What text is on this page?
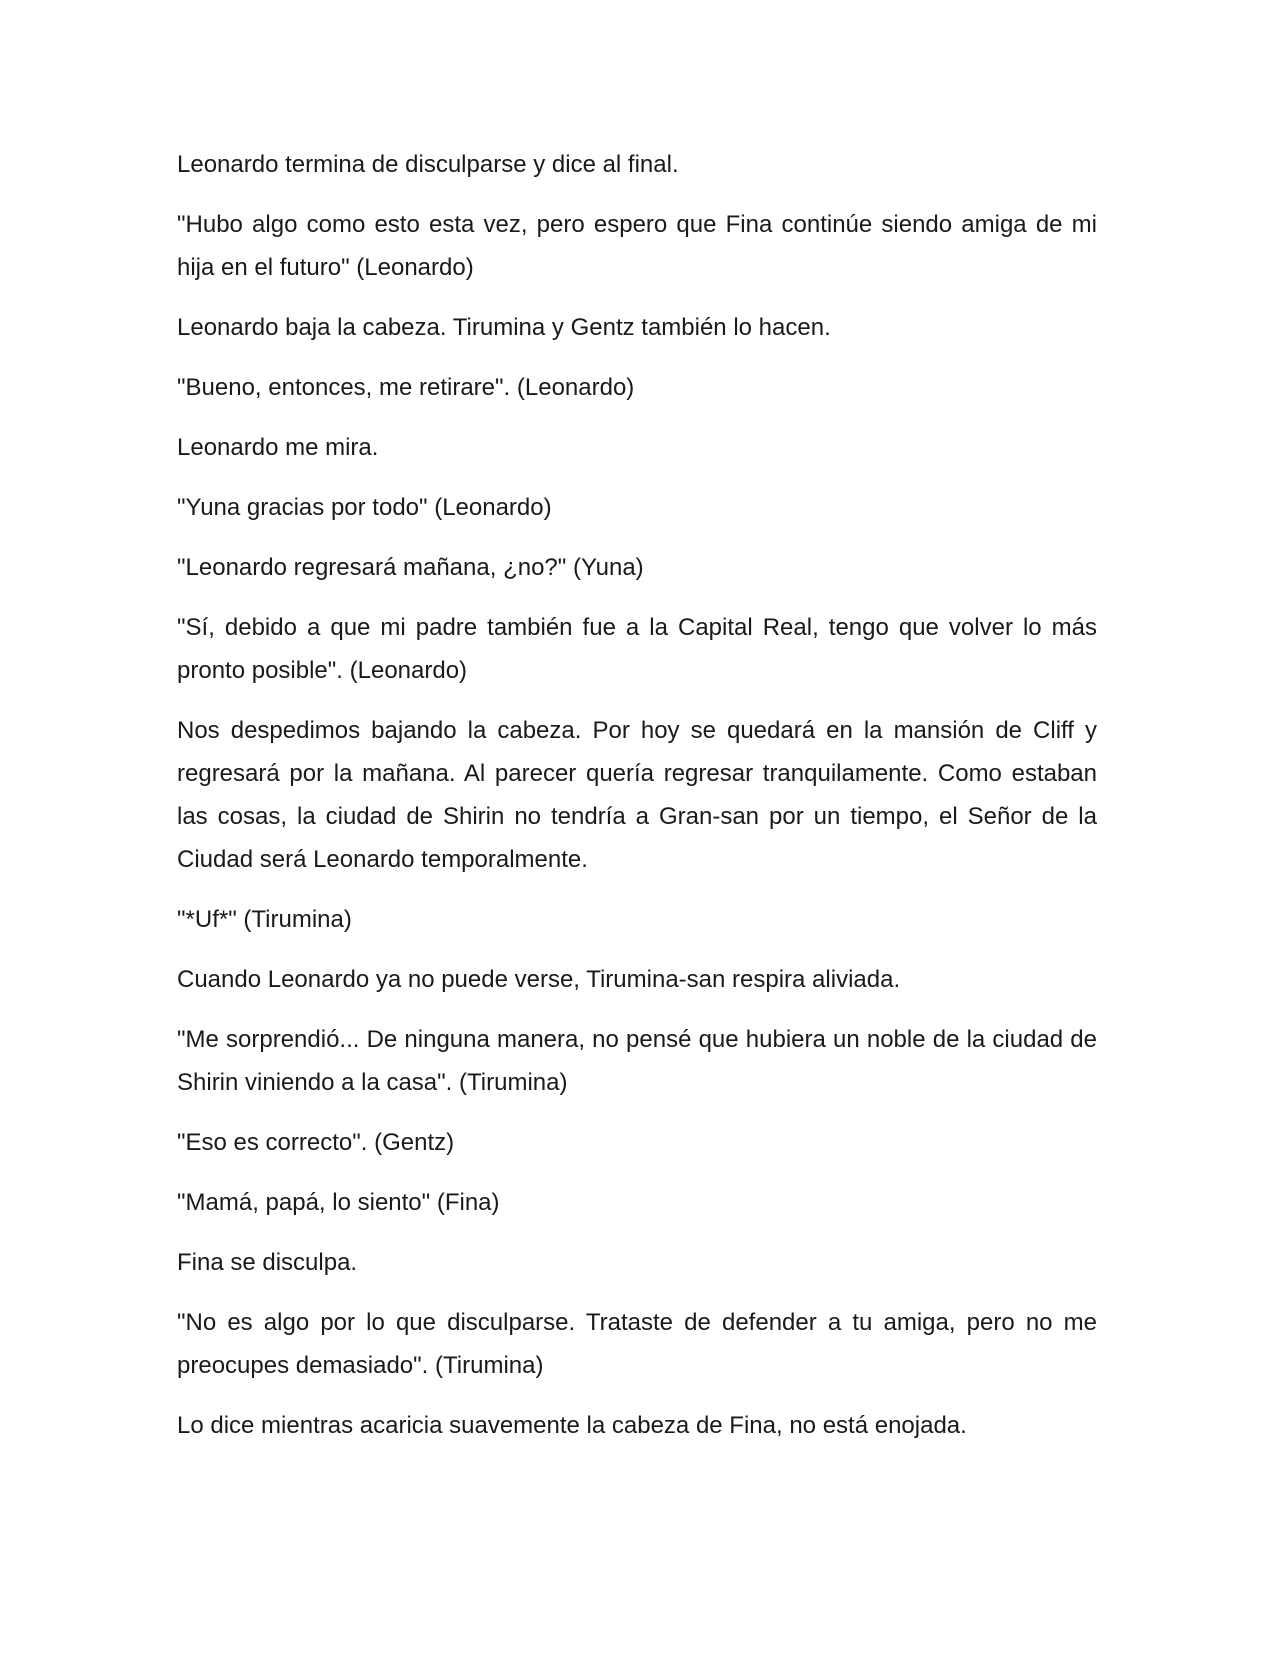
Leonardo termina de disculparse y dice al final.

"Hubo algo como esto esta vez, pero espero que Fina continúe siendo amiga de mi hija en el futuro" (Leonardo)

Leonardo baja la cabeza. Tirumina y Gentz también lo hacen.

"Bueno, entonces, me retirare". (Leonardo)

Leonardo me mira.

"Yuna gracias por todo" (Leonardo)

"Leonardo regresará mañana, ¿no?" (Yuna)

"Sí, debido a que mi padre también fue a la Capital Real, tengo que volver lo más pronto posible". (Leonardo)

Nos despedimos bajando la cabeza. Por hoy se quedará en la mansión de Cliff y regresará por la mañana. Al parecer quería regresar tranquilamente. Como estaban las cosas, la ciudad de Shirin no tendría a Gran-san por un tiempo, el Señor de la Ciudad será Leonardo temporalmente.

"*Uf*" (Tirumina)

Cuando Leonardo ya no puede verse, Tirumina-san respira aliviada.

"Me sorprendió... De ninguna manera, no pensé que hubiera un noble de la ciudad de Shirin viniendo a la casa". (Tirumina)

"Eso es correcto". (Gentz)

"Mamá, papá, lo siento" (Fina)

Fina se disculpa.

"No es algo por lo que disculparse. Trataste de defender a tu amiga, pero no me preocupes demasiado". (Tirumina)

Lo dice mientras acaricia suavemente la cabeza de Fina, no está enojada.
